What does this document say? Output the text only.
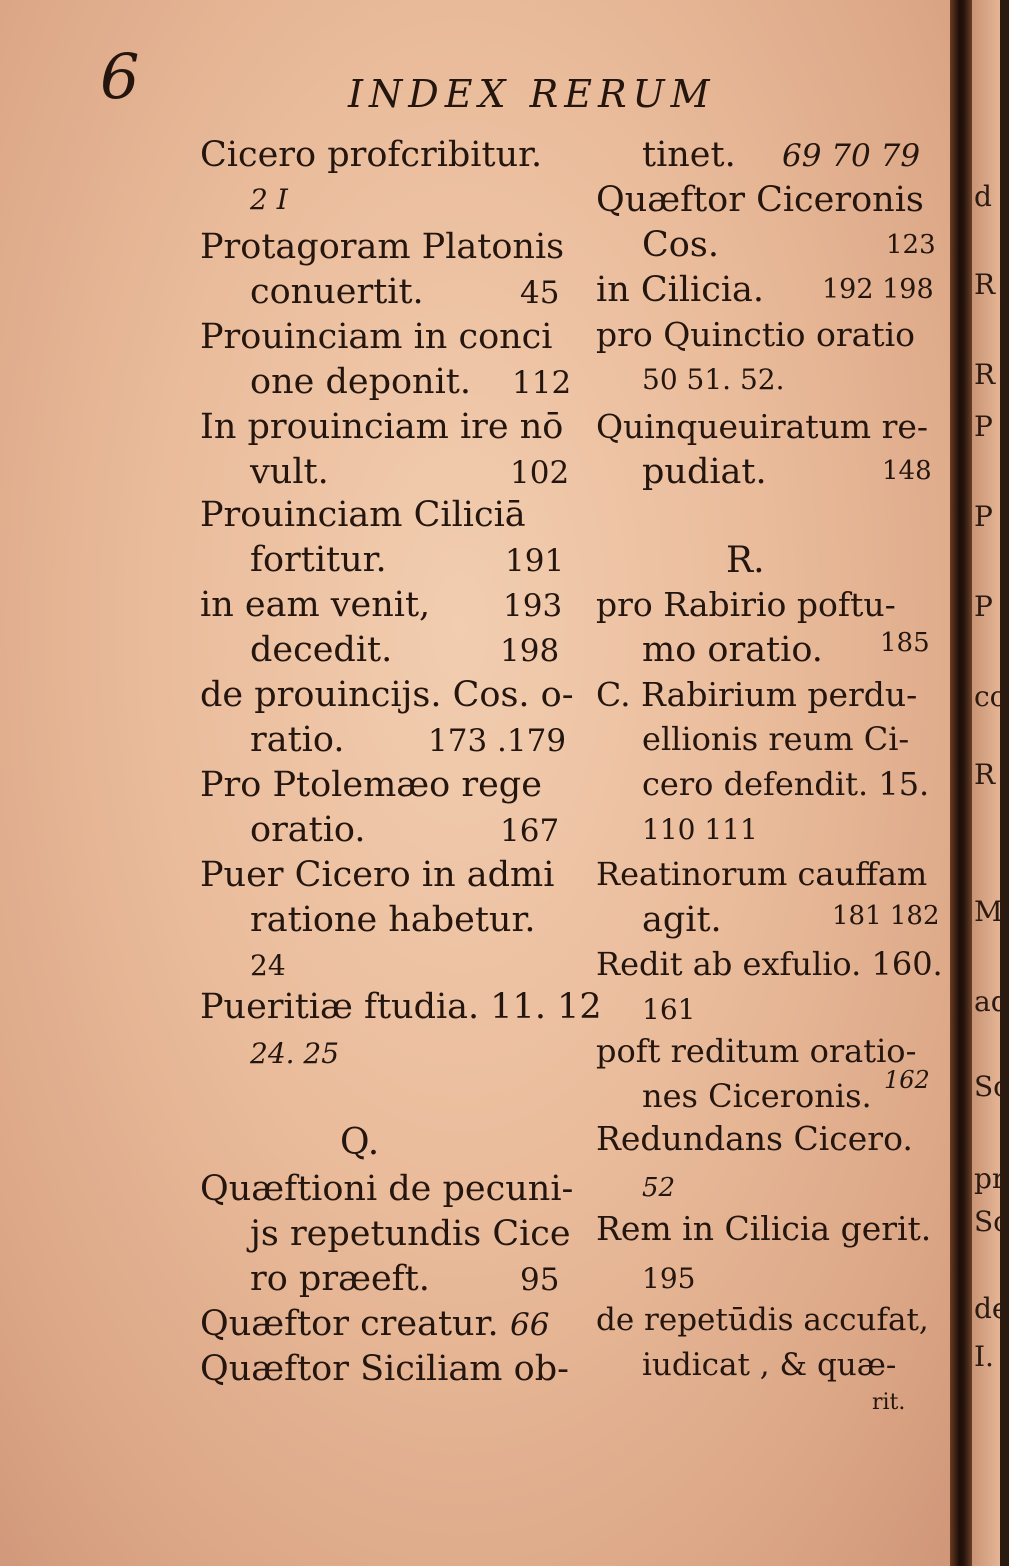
d
R
R
P
P
P
cc
R
M
ad
Sc
pr
Sc
de
I.
6	INDEX RERUM
Cicero profcribitur.
2 I
Protagoram Platonis
conuertit.	45
Prouinciam in conci
one deponit. 112
In prouinciam ire nō
vult.	102
Prouinciam Ciliciā
fortitur.	191
in eam venit, 193
decedit.	198
de prouincijs. Cos. o-
ratio.	173 .179
Pro Ptolemæo rege
oratio.	167
Puer Cicero in admi
ratione habetur.
24
Pueritiæ ftudia. 11. 12
24. 25
Q.
Quæftioni de pecuni-
js repetundis Cice
ro præeft.	95
Quæftor creatur. 66
Quæftor Siciliam ob-
tinet. 69 70 79
Quæftor Ciceronis
Cos.	123
in Cilicia. 192 198
pro Quinctio oratio
50 51. 52.
Quinqueuiratum re-
pudiat.	148
R.
pro Rabirio poftu-
mo oratio. 185
C. Rabirium perdu-
ellionis reum Ci-
cero defendit. 15.
110 111
Reatinorum cauffam
agit.	181 182
Redit ab exfulio. 160.
161
poft reditum oratio-
nes Ciceronis. 162
Redundans Cicero.
52
Rem in Cilicia gerit.
195
de repetūdis accufat,
iudicat , & quæ-
rit.
